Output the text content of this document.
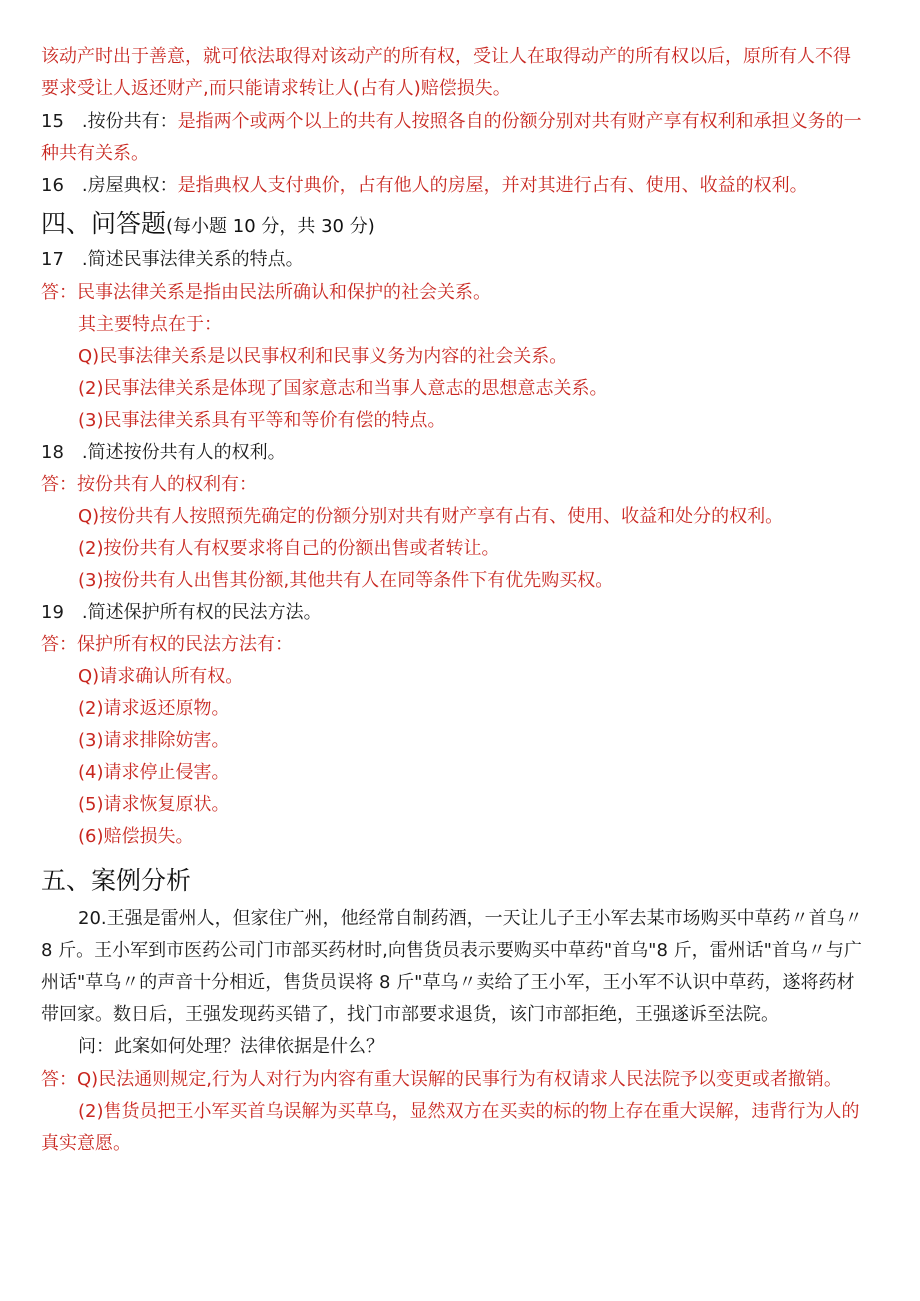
该动产时出于善意，就可依法取得对该动产的所有权，受让人在取得动产的所有权以后，原所有人不得
要求受让人返还财产,而只能请求转让人(占有人)赔偿损失。
15　.按份共有：是指两个或两个以上的共有人按照各自的份额分别对共有财产享有权利和承担义务的一
种共有关系。
16　.房屋典权：是指典权人支付典价，占有他人的房屋，并对其进行占有、使用、收益的权利。
四、问答题(每小题 10 分，共 30 分)
17　.简述民事法律关系的特点。
答：民事法律关系是指由民法所确认和保护的社会关系。
其主要特点在于：
Q)民事法律关系是以民事权利和民事义务为内容的社会关系。
(2)民事法律关系是体现了国家意志和当事人意志的思想意志关系。
(3)民事法律关系具有平等和等价有偿的特点。
18　.简述按份共有人的权利。
答：按份共有人的权利有：
Q)按份共有人按照预先确定的份额分别对共有财产享有占有、使用、收益和处分的权利。
(2)按份共有人有权要求将自己的份额出售或者转让。
(3)按份共有人出售其份额,其他共有人在同等条件下有优先购买权。
19　.简述保护所有权的民法方法。
答：保护所有权的民法方法有：
Q)请求确认所有权。
(2)请求返还原物。
(3)请求排除妨害。
(4)请求停止侵害。
(5)请求恢复原状。
(6)赔偿损失。
五、案例分析
20.王强是雷州人，但家住广州，他经常自制药酒，一天让儿子王小军去某市场购买中草药〃首乌〃
8 斤。王小军到市医药公司门市部买药材时,向售货员表示要购买中草药"首乌"8 斤，雷州话"首乌〃与广
州话"草乌〃的声音十分相近，售货员误将 8 斤"草乌〃卖给了王小军，王小军不认识中草药，遂将药材
带回家。数日后，王强发现药买错了，找门市部要求退货，该门市部拒绝，王强遂诉至法院。
问：此案如何处理？法律依据是什么？
答：Q)民法通则规定,行为人对行为内容有重大误解的民事行为有权请求人民法院予以变更或者撤销。
(2)售货员把王小军买首乌误解为买草乌，显然双方在买卖的标的物上存在重大误解，违背行为人的
真实意愿。
